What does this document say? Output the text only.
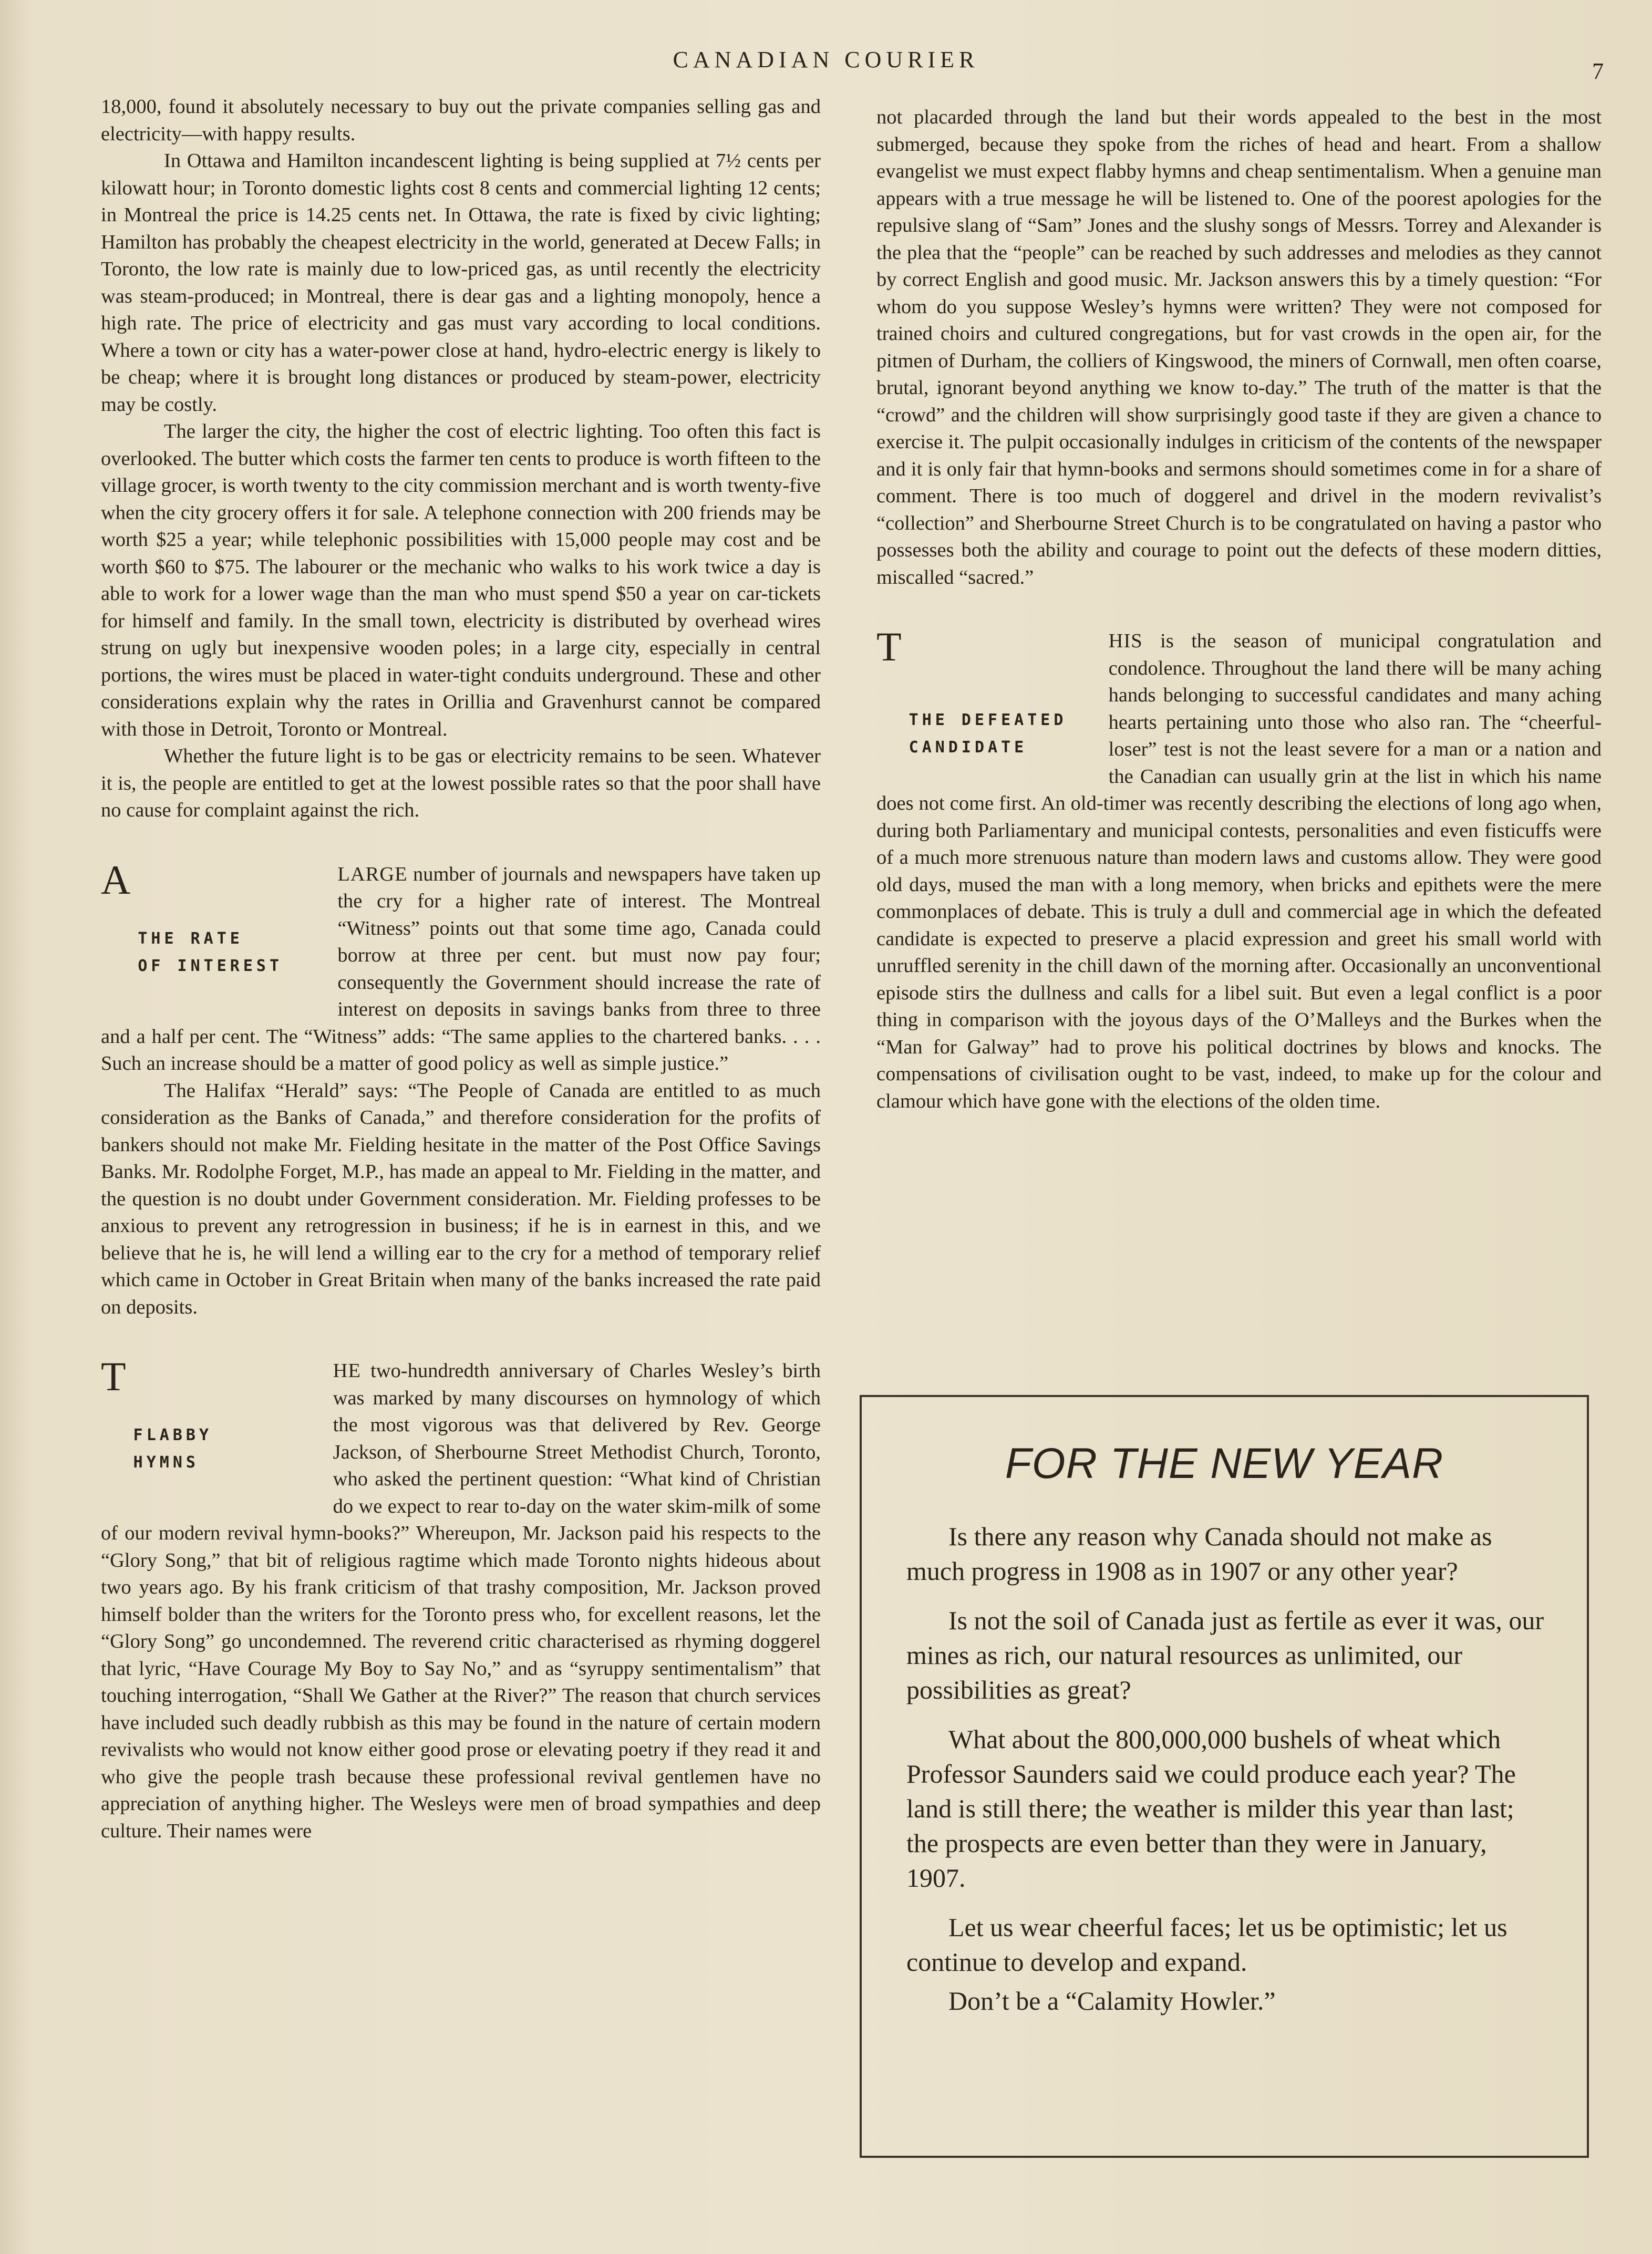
CANADIAN COURIER	7

18,000, found it absolutely necessary to buy out the private companies selling gas and electricity—with happy results.

In Ottawa and Hamilton incandescent lighting is being supplied at 7½ cents per kilowatt hour; in Toronto domestic lights cost 8 cents and commercial lighting 12 cents; in Montreal the price is 14.25 cents net. In Ottawa, the rate is fixed by civic lighting; Hamilton has probably the cheapest electricity in the world, generated at Decew Falls; in Toronto, the low rate is mainly due to low-priced gas, as until recently the electricity was steam-produced; in Montreal, there is dear gas and a lighting monopoly, hence a high rate. The price of electricity and gas must vary according to local conditions. Where a town or city has a water-power close at hand, hydro-electric energy is likely to be cheap; where it is brought long distances or produced by steam-power, electricity may be costly.

The larger the city, the higher the cost of electric lighting. Too often this fact is overlooked. The butter which costs the farmer ten cents to produce is worth fifteen to the village grocer, is worth twenty to the city commission merchant and is worth twenty-five when the city grocery offers it for sale. A telephone connection with 200 friends may be worth $25 a year; while telephonic possibilities with 15,000 people may cost and be worth $60 to $75. The labourer or the mechanic who walks to his work twice a day is able to work for a lower wage than the man who must spend $50 a year on car-tickets for himself and family. In the small town, electricity is distributed by overhead wires strung on ugly but inexpensive wooden poles; in a large city, especially in central portions, the wires must be placed in water-tight conduits underground. These and other considerations explain why the rates in Orillia and Gravenhurst cannot be compared with those in Detroit, Toronto or Montreal.

Whether the future light is to be gas or electricity remains to be seen. Whatever it is, the people are entitled to get at the lowest possible rates so that the poor shall have no cause for complaint against the rich.

A	LARGE
THE RATE
OF INTEREST
number of journals and newspapers have taken up the cry for a higher rate of interest. The Montreal “Witness” points out that some time ago, Canada could borrow at three per cent. but must now pay four; consequently the Government should increase the rate of interest on deposits in savings banks from three to three and a half per cent. The “Witness” adds: “The same applies to the chartered banks. . . . Such an increase should be a matter of good policy as well as simple justice.”

The Halifax “Herald” says: “The People of Canada are entitled to as much consideration as the Banks of Canada,” and therefore consideration for the profits of bankers should not make Mr. Fielding hesitate in the matter of the Post Office Savings Banks. Mr. Rodolphe Forget, M.P., has made an appeal to Mr. Fielding in the matter, and the question is no doubt under Government consideration. Mr. Fielding professes to be anxious to prevent any retrogression in business; if he is in earnest in this, and we believe that he is, he will lend a willing ear to the cry for a method of temporary relief which came in October in Great Britain when many of the banks increased the rate paid on deposits.

T	HE
FLABBY
HYMNS
two-hundredth anniversary of Charles Wesley’s birth was marked by many discourses on hymnology of which the most vigorous was that delivered by Rev. George Jackson, of Sherbourne Street Methodist Church, Toronto, who asked the pertinent question: “What kind of Christian do we expect to rear to-day on the water skim-milk of some of our modern revival hymn-books?” Whereupon, Mr. Jackson paid his respects to the “Glory Song,” that bit of religious ragtime which made Toronto nights hideous about two years ago. By his frank criticism of that trashy composition, Mr. Jackson proved himself bolder than the writers for the Toronto press who, for excellent reasons, let the “Glory Song” go uncondemned. The reverend critic characterised as rhyming doggerel that lyric, “Have Courage My Boy to Say No,” and as “syruppy sentimentalism” that touching interrogation, “Shall We Gather at the River?” The reason that church services have included such deadly rubbish as this may be found in the nature of certain modern revivalists who would not know either good prose or elevating poetry if they read it and who give the people trash because these professional revival gentlemen have no appreciation of anything higher. The Wesleys were men of broad sympathies and deep culture. Their names were

not placarded through the land but their words appealed to the best in the most submerged, because they spoke from the riches of head and heart. From a shallow evangelist we must expect flabby hymns and cheap sentimentalism. When a genuine man appears with a true message he will be listened to. One of the poorest apologies for the repulsive slang of “Sam” Jones and the slushy songs of Messrs. Torrey and Alexander is the plea that the “people” can be reached by such addresses and melodies as they cannot by correct English and good music. Mr. Jackson answers this by a timely question: “For whom do you suppose Wesley’s hymns were written? They were not composed for trained choirs and cultured congregations, but for vast crowds in the open air, for the pitmen of Durham, the colliers of Kingswood, the miners of Cornwall, men often coarse, brutal, ignorant beyond anything we know to-day.” The truth of the matter is that the “crowd” and the children will show surprisingly good taste if they are given a chance to exercise it. The pulpit occasionally indulges in criticism of the contents of the newspaper and it is only fair that hymn-books and sermons should sometimes come in for a share of comment. There is too much of doggerel and drivel in the modern revivalist’s “collection” and Sherbourne Street Church is to be congratulated on having a pastor who possesses both the ability and courage to point out the defects of these modern ditties, miscalled “sacred.”

T	HIS
THE DEFEATED
CANDIDATE
is the season of municipal congratulation and condolence. Throughout the land there will be many aching hands belonging to successful candidates and many aching hearts pertaining unto those who also ran. The “cheerful-loser” test is not the least severe for a man or a nation and the Canadian can usually grin at the list in which his name does not come first. An old-timer was recently describing the elections of long ago when, during both Parliamentary and municipal contests, personalities and even fisticuffs were of a much more strenuous nature than modern laws and customs allow. They were good old days, mused the man with a long memory, when bricks and epithets were the mere commonplaces of debate. This is truly a dull and commercial age in which the defeated candidate is expected to preserve a placid expression and greet his small world with unruffled serenity in the chill dawn of the morning after. Occasionally an unconventional episode stirs the dullness and calls for a libel suit. But even a legal conflict is a poor thing in comparison with the joyous days of the O’Malleys and the Burkes when the “Man for Galway” had to prove his political doctrines by blows and knocks. The compensations of civilisation ought to be vast, indeed, to make up for the colour and clamour which have gone with the elections of the olden time.

FOR THE NEW YEAR

Is there any reason why Canada should not make as much progress in 1908 as in 1907 or any other year?

Is not the soil of Canada just as fertile as ever it was, our mines as rich, our natural resources as unlimited, our possibilities as great?

What about the 800,000,000 bushels of wheat which Professor Saunders said we could produce each year? The land is still there; the weather is milder this year than last; the prospects are even better than they were in January, 1907.

Let us wear cheerful faces; let us be optimistic; let us continue to develop and expand.

Don’t be a “Calamity Howler.”
